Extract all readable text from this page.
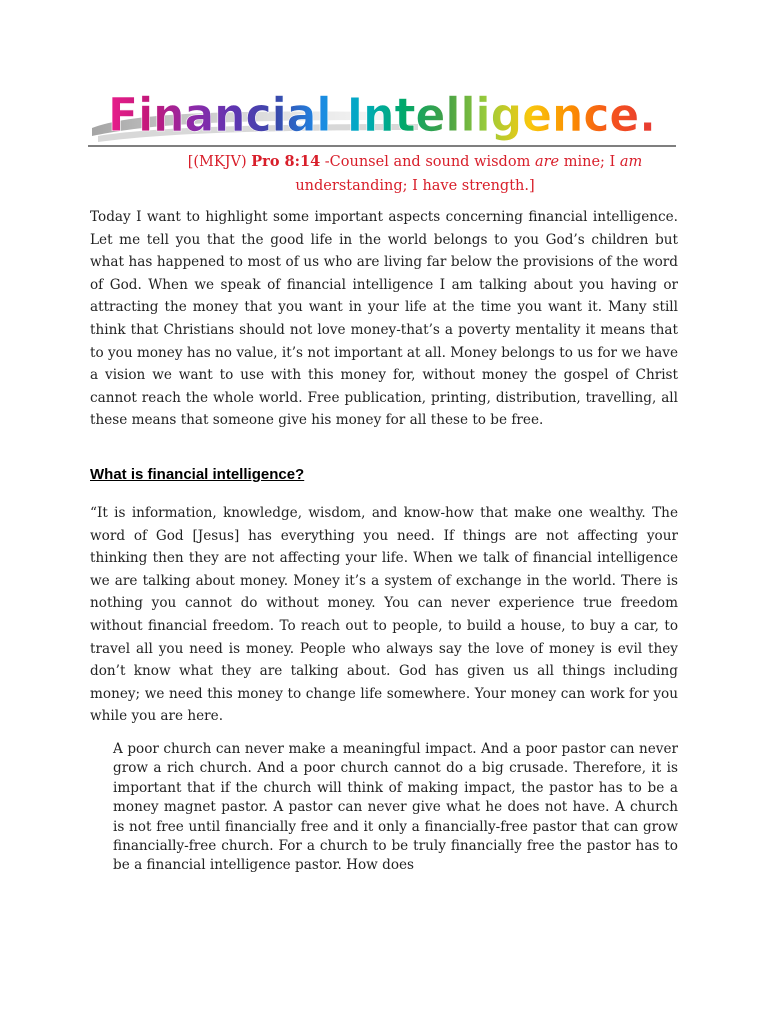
Financial Intelligence.
[(MKJV) Pro 8:14 -Counsel and sound wisdom are mine; I am understanding; I have strength.]

Today I want to highlight some important aspects concerning financial intelligence. Let me tell you that the good life in the world belongs to you God’s children but what has happened to most of us who are living far below the provisions of the word of God. When we speak of financial intelligence I am talking about you having or attracting the money that you want in your life at the time you want it. Many still think that Christians should not love money-that’s a poverty mentality it means that to you money has no value, it’s not important at all. Money belongs to us for we have a vision we want to use with this money for, without money the gospel of Christ cannot reach the whole world. Free publication, printing, distribution, travelling, all these means that someone give his money for all these to be free.

What is financial intelligence?

“It is information, knowledge, wisdom, and know-how that make one wealthy. The word of God [Jesus] has everything you need. If things are not affecting your thinking then they are not affecting your life. When we talk of financial intelligence we are talking about money. Money it’s a system of exchange in the world. There is nothing you cannot do without money. You can never experience true freedom without financial freedom. To reach out to people, to build a house, to buy a car, to travel all you need is money. People who always say the love of money is evil they don’t know what they are talking about. God has given us all things including money; we need this money to change life somewhere. Your money can work for you while you are here.

A poor church can never make a meaningful impact. And a poor pastor can never grow a rich church. And a poor church cannot do a big crusade. Therefore, it is important that if the church will think of making impact, the pastor has to be a money magnet pastor. A pastor can never give what he does not have. A church is not free until financially free and it only a financially-free pastor that can grow financially-free church. For a church to be truly financially free the pastor has to be a financial intelligence pastor. How does
